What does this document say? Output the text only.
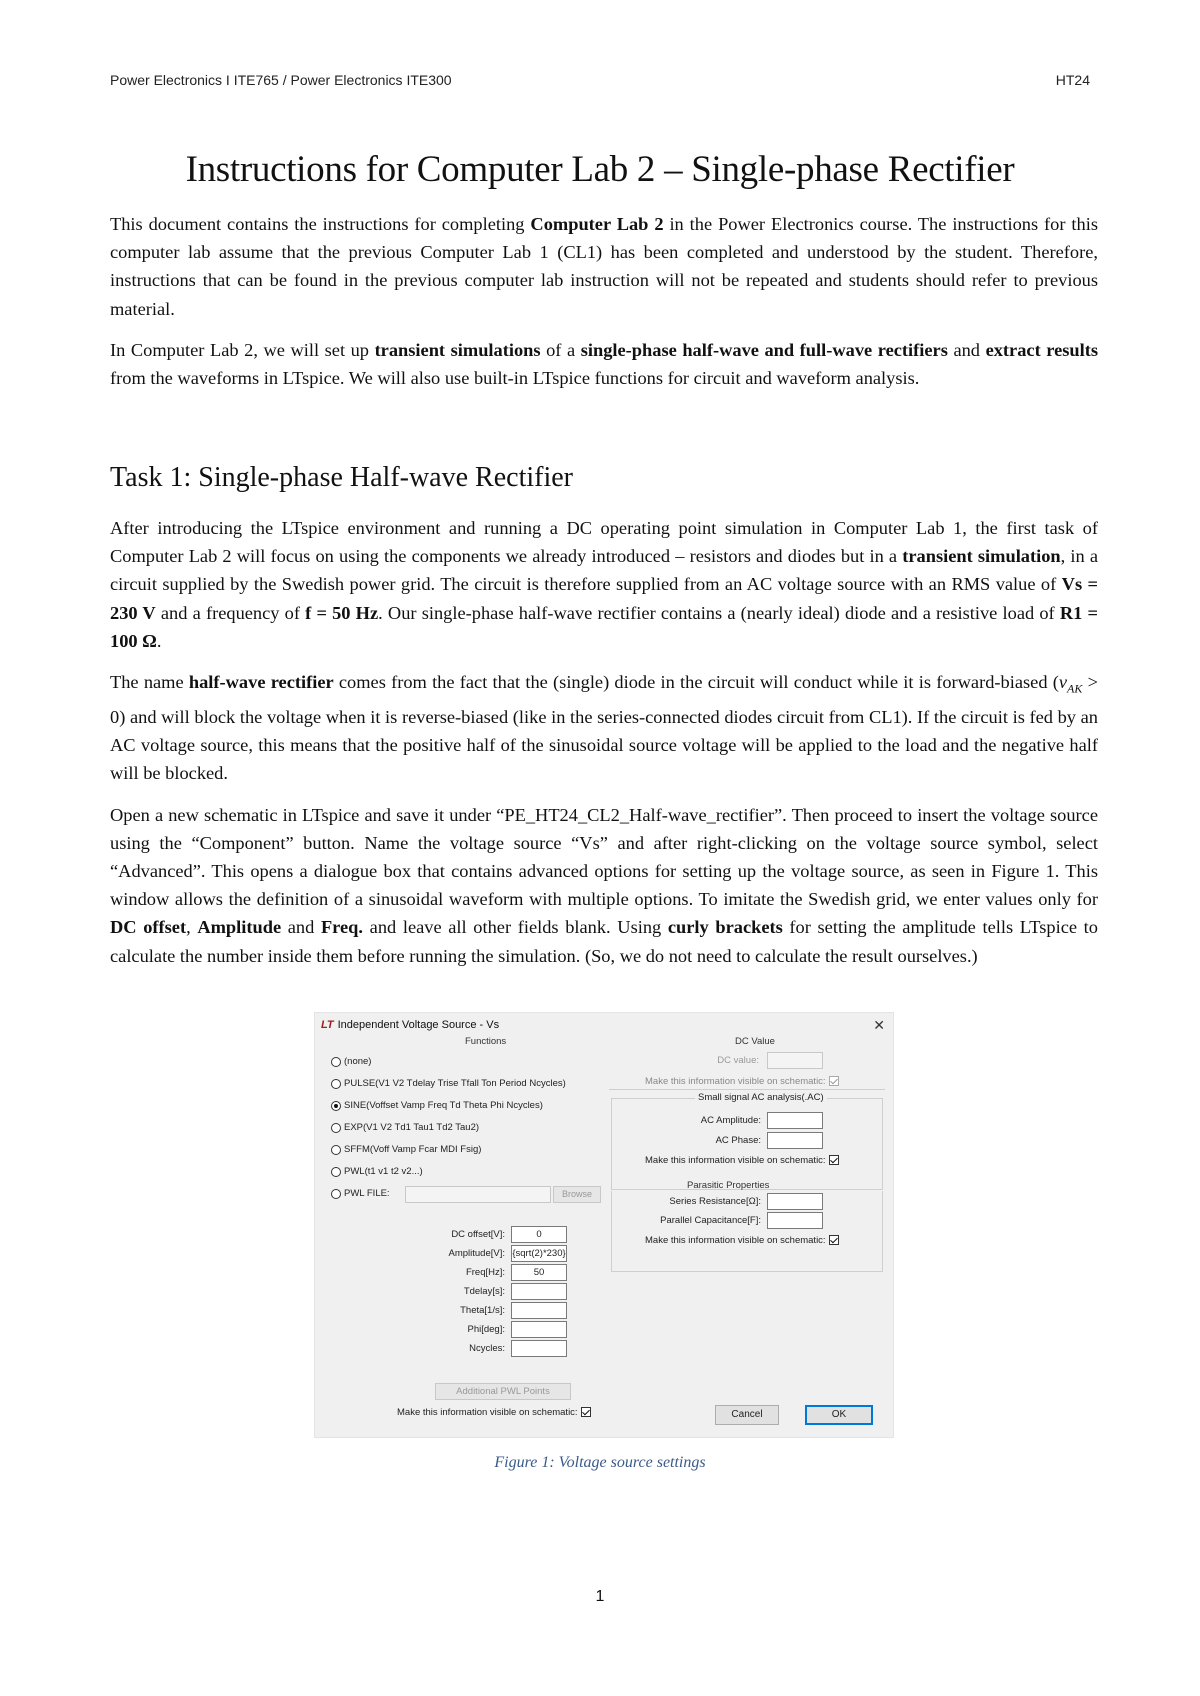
Power Electronics I ITE765 / Power Electronics ITE300	HT24
Instructions for Computer Lab 2 – Single-phase Rectifier

This document contains the instructions for completing Computer Lab 2 in the Power Electronics course. The instructions for this computer lab assume that the previous Computer Lab 1 (CL1) has been completed and understood by the student. Therefore, instructions that can be found in the previous computer lab instruction will not be repeated and students should refer to previous material.

In Computer Lab 2, we will set up transient simulations of a single-phase half-wave and full-wave rectifiers and extract results from the waveforms in LTspice. We will also use built-in LTspice functions for circuit and waveform analysis.

Task 1: Single-phase Half-wave Rectifier

After introducing the LTspice environment and running a DC operating point simulation in Computer Lab 1, the first task of Computer Lab 2 will focus on using the components we already introduced – resistors and diodes but in a transient simulation, in a circuit supplied by the Swedish power grid. The circuit is therefore supplied from an AC voltage source with an RMS value of Vs = 230 V and a frequency of f = 50 Hz. Our single-phase half-wave rectifier contains a (nearly ideal) diode and a resistive load of R1 = 100 Ω.

The name half-wave rectifier comes from the fact that the (single) diode in the circuit will conduct while it is forward-biased $(v_{AK} > 0)$ and will block the voltage when it is reverse-biased (like in the series-connected diodes circuit from CL1). If the circuit is fed by an AC voltage source, this means that the positive half of the sinusoidal source voltage will be applied to the load and the negative half will be blocked.

Open a new schematic in LTspice and save it under “PE_HT24_CL2_Half-wave_rectifier”. Then proceed to insert the voltage source using the “Component” button. Name the voltage source “Vs” and after right-clicking on the voltage source symbol, select “Advanced”. This opens a dialogue box that contains advanced options for setting up the voltage source, as seen in Figure 1. This window allows the definition of a sinusoidal waveform with multiple options. To imitate the Swedish grid, we enter values only for DC offset, Amplitude and Freq. and leave all other fields blank. Using curly brackets for setting the amplitude tells LTspice to calculate the number inside them before running the simulation. (So, we do not need to calculate the result ourselves.)

LT Independent Voltage Source - Vs	✕
Functions
(none)
PULSE(V1 V2 Tdelay Trise Tfall Ton Period Ncycles)
SINE(Voffset Vamp Freq Td Theta Phi Ncycles)
EXP(V1 V2 Td1 Tau1 Td2 Tau2)
SFFM(Voff Vamp Fcar MDI Fsig)
PWL(t1 v1 t2 v2...)
PWL FILE:	Browse
DC offset[V]:	0
Amplitude[V]: {sqrt(2)*230}
Freq[Hz]:	50
Tdelay[s]:
Theta[1/s]:
Phi[deg]:
Ncycles:
Additional PWL Points
Make this information visible on schematic:
DC Value
DC value:
Make this information visible on schematic:
Small signal AC analysis(.AC)
AC Amplitude:
AC Phase:
Make this information visible on schematic:
Parasitic Properties
Series Resistance[Ω]:
Parallel Capacitance[F]:
Make this information visible on schematic:
Cancel	OK
Figure 1: Voltage source settings
1
